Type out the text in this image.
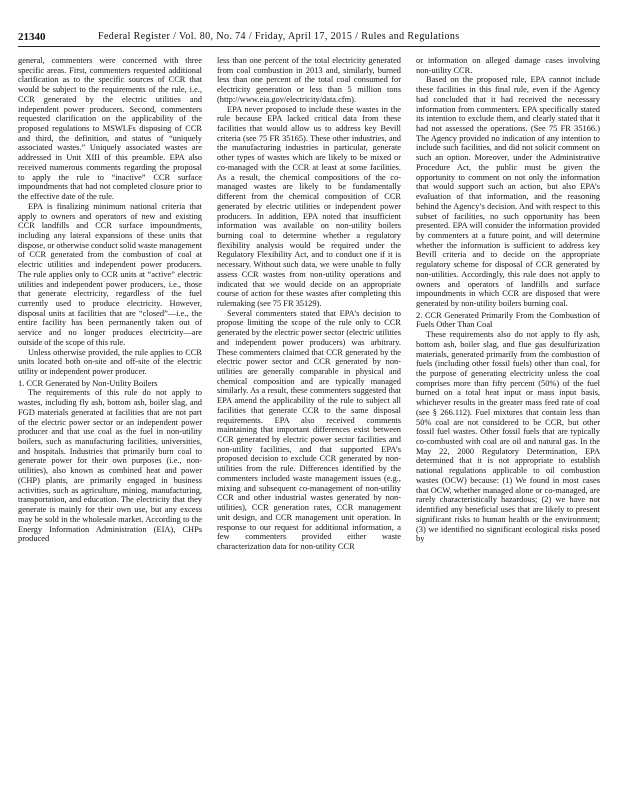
21340	Federal Register / Vol. 80, No. 74 / Friday, April 17, 2015 / Rules and Regulations

general, commenters were concerned with three specific areas. First, commenters requested additional clarification as to the specific sources of CCR that would be subject to the requirements of the rule, i.e., CCR generated by the electric utilities and independent power producers. Second, commenters requested clarification on the applicability of the proposed regulations to MSWLFs disposing of CCR and third, the definition, and status of “uniquely associated wastes.” Uniquely associated wastes are addressed in Unit XIII of this preamble. EPA also received numerous comments regarding the proposal to apply the rule to “inactive” CCR surface impoundments that had not completed closure prior to the effective date of the rule.

EPA is finalizing minimum national criteria that apply to owners and operators of new and existing CCR landfills and CCR surface impoundments, including any lateral expansions of these units that dispose, or otherwise conduct solid waste management of CCR generated from the combustion of coal at electric utilities and independent power producers. The rule applies only to CCR units at “active” electric utilities and independent power producers, i.e., those that generate electricity, regardless of the fuel currently used to produce electricity. However, disposal units at facilities that are “closed”—i.e., the entire facility has been permanently taken out of service and no longer produces electricity—are outside of the scope of this rule.

Unless otherwise provided, the rule applies to CCR units located both on-site and off-site of the electric utility or independent power producer.

1. CCR Generated by Non-Utility Boilers

The requirements of this rule do not apply to wastes, including fly ash, bottom ash, boiler slag, and FGD materials generated at facilities that are not part of the electric power sector or an independent power producer and that use coal as the fuel in non-utility boilers, such as manufacturing facilities, universities, and hospitals. Industries that primarily burn coal to generate power for their own purposes (i.e., non-utilities), also known as combined heat and power (CHP) plants, are primarily engaged in business activities, such as agriculture, mining, manufacturing, transportation, and education. The electricity that they generate is mainly for their own use, but any excess may be sold in the wholesale market. According to the Energy Information Administration (EIA), CHPs produced

less than one percent of the total electricity generated from coal combustion in 2013 and, similarly, burned less than one percent of the total coal consumed for electricity generation or less than 5 million tons (http://www.eia.gov/electricity/data.cfm).

EPA never proposed to include these wastes in the rule because EPA lacked critical data from these facilities that would allow us to address key Bevill criteria (see 75 FR 35165). These other industries, and the manufacturing industries in particular, generate other types of wastes which are likely to be mixed or co-managed with the CCR at least at some facilities. As a result, the chemical compositions of the co-managed wastes are likely to be fundamentally different from the chemical composition of CCR generated by electric utilities or independent power producers. In addition, EPA noted that insufficient information was available on non-utility boilers burning coal to determine whether a regulatory flexibility analysis would be required under the Regulatory Flexibility Act, and to conduct one if it is necessary. Without such data, we were unable to fully assess CCR wastes from non-utility operations and indicated that we would decide on an appropriate course of action for these wastes after completing this rulemaking (see 75 FR 35129).

Several commenters stated that EPA’s decision to propose limiting the scope of the rule only to CCR generated by the electric power sector (electric utilities and independent power producers) was arbitrary. These commenters claimed that CCR generated by the electric power sector and CCR generated by non-utilities are generally comparable in physical and chemical composition and are typically managed similarly. As a result, these commenters suggested that EPA amend the applicability of the rule to subject all facilities that generate CCR to the same disposal requirements. EPA also received comments maintaining that important differences exist between CCR generated by electric power sector facilities and non-utility facilities, and that supported EPA’s proposed decision to exclude CCR generated by non-utilities from the rule. Differences identified by the commenters included waste management issues (e.g., mixing and subsequent co-management of non-utility CCR and other industrial wastes generated by non-utilities), CCR generation rates, CCR management unit design, and CCR management unit operation. In response to our request for additional information, a few commenters provided either waste characterization data for non-utility CCR

or information on alleged damage cases involving non-utility CCR.

Based on the proposed rule, EPA cannot include these facilities in this final rule, even if the Agency had concluded that it had received the necessary information from commenters. EPA specifically stated its intention to exclude them, and clearly stated that it had not assessed the operations. (See 75 FR 35166.) The Agency provided no indication of any intention to include such facilities, and did not solicit comment on such an option. Moreover, under the Administrative Procedure Act, the public must be given the opportunity to comment on not only the information that would support such an action, but also EPA’s evaluation of that information, and the reasoning behind the Agency’s decision. And with respect to this subset of facilities, no such opportunity has been presented. EPA will consider the information provided by commenters at a future point, and will determine whether the information is sufficient to address key Bevill criteria and to decide on the appropriate regulatory scheme for disposal of CCR generated by non-utilities. Accordingly, this rule does not apply to owners and operators of landfills and surface impoundments in which CCR are disposed that were generated by non-utility boilers burning coal.

2. CCR Generated Primarily From the Combustion of Fuels Other Than Coal

These requirements also do not apply to fly ash, bottom ash, boiler slag, and flue gas desulfurization materials, generated primarily from the combustion of fuels (including other fossil fuels) other than coal, for the purpose of generating electricity unless the coal comprises more than fifty percent (50%) of the fuel burned on a total heat input or mass input basis, whichever results in the greater mass feed rate of coal (see § 266.112). Fuel mixtures that contain less than 50% coal are not considered to be CCR, but other fossil fuel wastes. Other fossil fuels that are typically co-combusted with coal are oil and natural gas. In the May 22, 2000 Regulatory Determination, EPA determined that it is not appropriate to establish national regulations applicable to oil combustion wastes (OCW) because: (1) We found in most cases that OCW, whether managed alone or co-managed, are rarely characteristically hazardous; (2) we have not identified any beneficial uses that are likely to present significant risks to human health or the environment; (3) we identified no significant ecological risks posed by
